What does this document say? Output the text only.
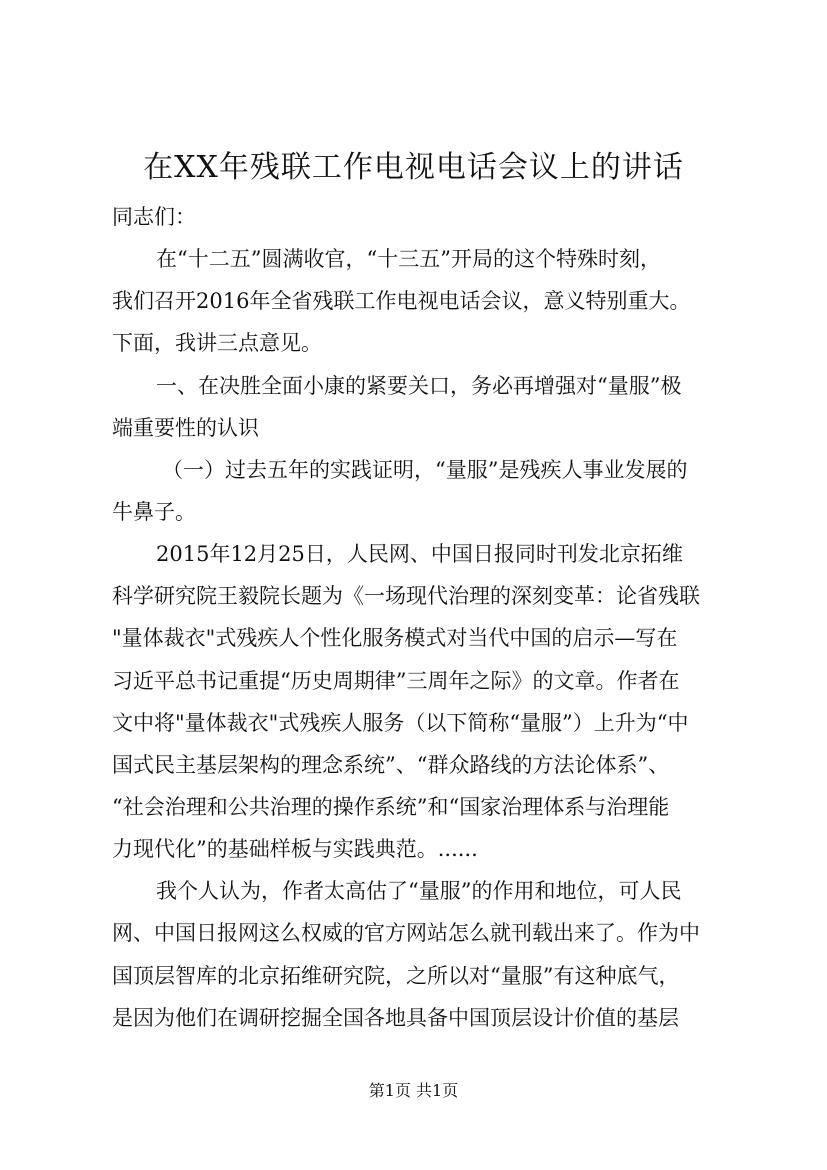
在XX年残联工作电视电话会议上的讲话
同志们：
在“十二五”圆满收官，“十三五”开局的这个特殊时刻，
我们召开2016年全省残联工作电视电话会议，意义特别重大。
下面，我讲三点意见。
一、在决胜全面小康的紧要关口，务必再增强对“量服”极
端重要性的认识
（一）过去五年的实践证明，“量服”是残疾人事业发展的
牛鼻子。
2015年12月25日，人民网、中国日报同时刊发北京拓维
科学研究院王毅院长题为《一场现代治理的深刻变革：论省残联
"量体裁衣"式残疾人个性化服务模式对当代中国的启示—写在
习近平总书记重提“历史周期律”三周年之际》的文章。作者在
文中将"量体裁衣"式残疾人服务（以下简称“量服”）上升为“中
国式民主基层架构的理念系统”、“群众路线的方法论体系”、
“社会治理和公共治理的操作系统”和“国家治理体系与治理能
力现代化”的基础样板与实践典范。......
我个人认为，作者太高估了“量服”的作用和地位，可人民
网、中国日报网这么权威的官方网站怎么就刊载出来了。作为中
国顶层智库的北京拓维研究院，之所以对“量服”有这种底气，
是因为他们在调研挖掘全国各地具备中国顶层设计价值的基层
第1页 共1页
